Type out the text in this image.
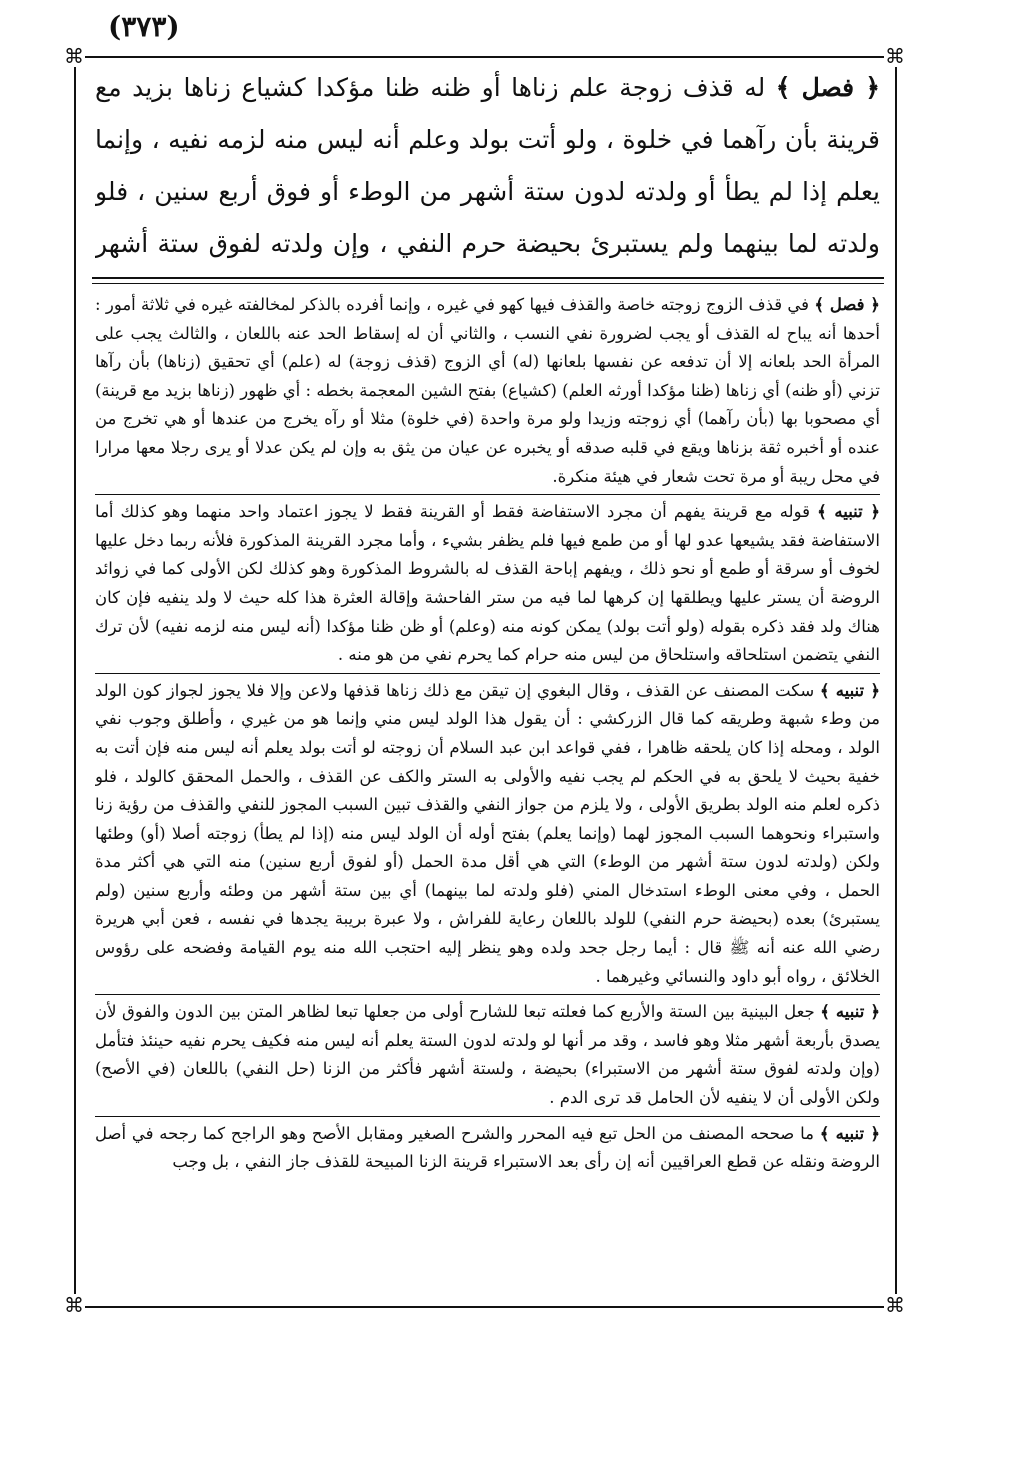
(٣٧٣)
⌘	⌘
⌘	⌘
﴿ فصل ﴾ له قذف زوجة علم زناها أو ظنه ظنا مؤكدا كشياع زناها بزيد مع قرينة بأن رآهما في خلوة ، ولو أتت بولد وعلم أنه ليس منه لزمه نفيه ، وإنما يعلم إذا لم يطأ أو ولدته لدون ستة أشهر من الوطء أو فوق أربع سنين ، فلو ولدته لما بينهما ولم يستبرئ بحيضة حرم النفي ، وإن ولدته لفوق ستة أشهر

﴿ فصل ﴾ في قذف الزوج زوجته خاصة والقذف فيها كهو في غيره ، وإنما أفرده بالذكر لمخالفته غيره في ثلاثة أمور : أحدها أنه يباح له القذف أو يجب لضرورة نفي النسب ، والثاني أن له إسقاط الحد عنه باللعان ، والثالث يجب على المرأة الحد بلعانه إلا أن تدفعه عن نفسها بلعانها (له) أي الزوج (قذف زوجة) له (علم) أي تحقيق (زناها) بأن رآها تزني (أو ظنه) أي زناها (ظنا مؤكدا أورثه العلم) (كشياع) بفتح الشين المعجمة بخطه : أي ظهور (زناها بزيد مع قرينة) أي مصحوبا بها (بأن رآهما) أي زوجته وزيدا ولو مرة واحدة (في خلوة) مثلا أو رآه يخرج من عندها أو هي تخرج من عنده أو أخبره ثقة بزناها ويقع في قلبه صدقه أو يخبره عن عيان من يثق به وإن لم يكن عدلا أو يرى رجلا معها مرارا في محل ريبة أو مرة تحت شعار في هيئة منكرة.

﴿ تنبيه ﴾ قوله مع قرينة يفهم أن مجرد الاستفاضة فقط أو القرينة فقط لا يجوز اعتماد واحد منهما وهو كذلك أما الاستفاضة فقد يشيعها عدو لها أو من طمع فيها فلم يظفر بشيء ، وأما مجرد القرينة المذكورة فلأنه ربما دخل عليها لخوف أو سرقة أو طمع أو نحو ذلك ، ويفهم إباحة القذف له بالشروط المذكورة وهو كذلك لكن الأولى كما في زوائد الروضة أن يستر عليها ويطلقها إن كرهها لما فيه من ستر الفاحشة وإقالة العثرة هذا كله حيث لا ولد ينفيه فإن كان هناك ولد فقد ذكره بقوله (ولو أتت بولد) يمكن كونه منه (وعلم) أو ظن ظنا مؤكدا (أنه ليس منه لزمه نفيه) لأن ترك النفي يتضمن استلحاقه واستلحاق من ليس منه حرام كما يحرم نفي من هو منه .

﴿ تنبيه ﴾ سكت المصنف عن القذف ، وقال البغوي إن تيقن مع ذلك زناها قذفها ولاعن وإلا فلا يجوز لجواز كون الولد من وطء شبهة وطريقه كما قال الزركشي : أن يقول هذا الولد ليس مني وإنما هو من غيري ، وأطلق وجوب نفي الولد ، ومحله إذا كان يلحقه ظاهرا ، ففي قواعد ابن عبد السلام أن زوجته لو أتت بولد يعلم أنه ليس منه فإن أتت به خفية بحيث لا يلحق به في الحكم لم يجب نفيه والأولى به الستر والكف عن القذف ، والحمل المحقق كالولد ، فلو ذكره لعلم منه الولد بطريق الأولى ، ولا يلزم من جواز النفي والقذف تبين السبب المجوز للنفي والقذف من رؤية زنا واستبراء ونحوهما السبب المجوز لهما (وإنما يعلم) بفتح أوله أن الولد ليس منه (إذا لم يطأ) زوجته أصلا (أو) وطئها ولكن (ولدته لدون ستة أشهر من الوطء) التي هي أقل مدة الحمل (أو لفوق أربع سنين) منه التي هي أكثر مدة الحمل ، وفي معنى الوطء استدخال المني (فلو ولدته لما بينهما) أي بين ستة أشهر من وطئه وأربع سنين (ولم يستبرئ) بعده (بحيضة حرم النفي) للولد باللعان رعاية للفراش ، ولا عبرة بريبة يجدها في نفسه ، فعن أبي هريرة رضي الله عنه أنه ﷺ قال : أيما رجل جحد ولده وهو ينظر إليه احتجب الله منه يوم القيامة وفضحه على رؤوس الخلائق ، رواه أبو داود والنسائي وغيرهما .

﴿ تنبيه ﴾ جعل البينية بين الستة والأربع كما فعلته تبعا للشارح أولى من جعلها تبعا لظاهر المتن بين الدون والفوق لأن يصدق بأربعة أشهر مثلا وهو فاسد ، وقد مر أنها لو ولدته لدون الستة يعلم أنه ليس منه فكيف يحرم نفيه حينئذ فتأمل (وإن ولدته لفوق ستة أشهر من الاستبراء) بحيضة ، ولستة أشهر فأكثر من الزنا (حل النفي) باللعان (في الأصح) ولكن الأولى أن لا ينفيه لأن الحامل قد ترى الدم .

﴿ تنبيه ﴾ ما صححه المصنف من الحل تبع فيه المحرر والشرح الصغير ومقابل الأصح وهو الراجح كما رجحه في أصل الروضة ونقله عن قطع العراقيين أنه إن رأى بعد الاستبراء قرينة الزنا المبيحة للقذف جاز النفي ، بل وجب
